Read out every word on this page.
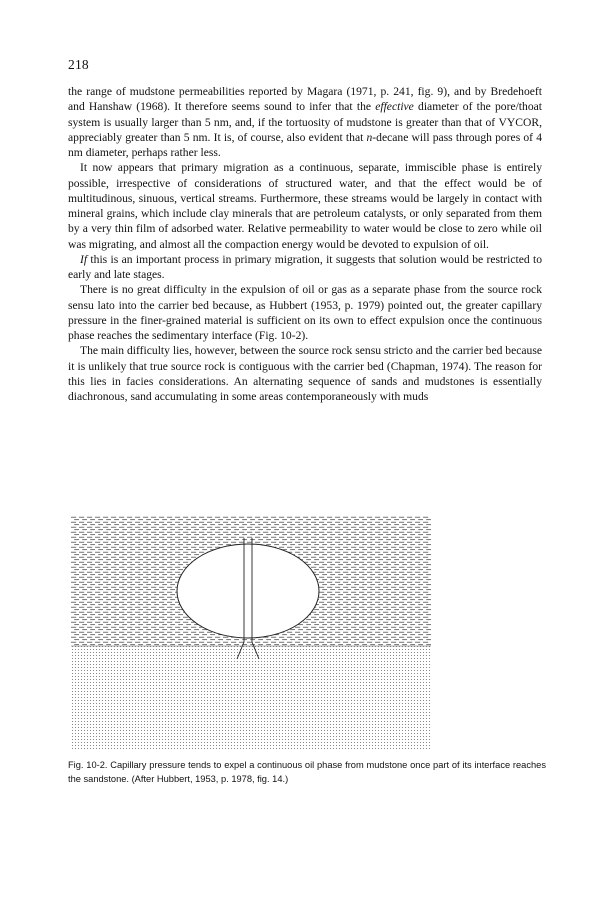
218

the range of mudstone permeabilities reported by Magara (1971, p. 241, fig. 9), and by Bredehoeft and Hanshaw (1968). It therefore seems sound to infer that the effective diameter of the pore/thoat system is usually larger than 5 nm, and, if the tortuosity of mudstone is greater than that of VYCOR, appreciably greater than 5 nm. It is, of course, also evident that n-decane will pass through pores of 4 nm diameter, perhaps rather less.

It now appears that primary migration as a continuous, separate, immiscible phase is entirely possible, irrespective of considerations of structured water, and that the effect would be of multitudinous, sinuous, vertical streams. Furthermore, these streams would be largely in contact with mineral grains, which include clay minerals that are petroleum catalysts, or only separated from them by a very thin film of adsorbed water. Relative permeability to water would be close to zero while oil was migrating, and almost all the compaction energy would be devoted to expulsion of oil.

If this is an important process in primary migration, it suggests that solution would be restricted to early and late stages.

There is no great difficulty in the expulsion of oil or gas as a separate phase from the source rock sensu lato into the carrier bed because, as Hubbert (1953, p. 1979) pointed out, the greater capillary pressure in the finer-grained material is sufficient on its own to effect expulsion once the continuous phase reaches the sedimentary interface (Fig. 10-2).

The main difficulty lies, however, between the source rock sensu stricto and the carrier bed because it is unlikely that true source rock is contiguous with the carrier bed (Chapman, 1974). The reason for this lies in facies considerations. An alternating sequence of sands and mudstones is essentially diachronous, sand accumulating in some areas contemporaneously with muds

Fig. 10-2. Capillary pressure tends to expel a continuous oil phase from mudstone once part of its interface reaches the sandstone. (After Hubbert, 1953, p. 1978, fig. 14.)
